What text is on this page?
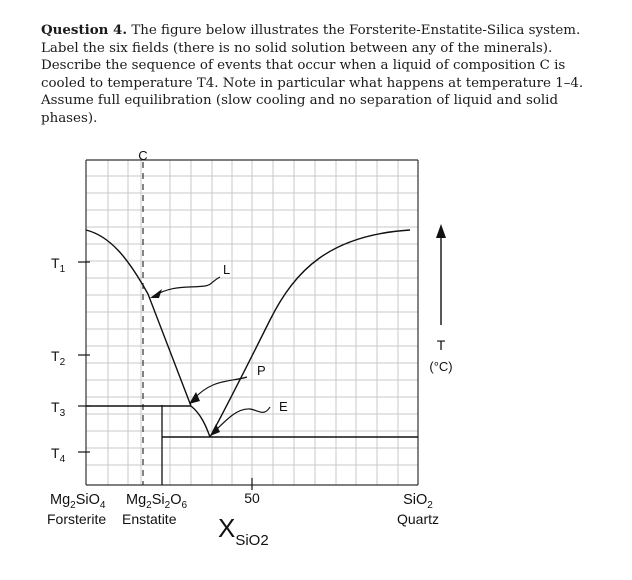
Question 4. The figure below illustrates the Forsterite-Enstatite-Silica system. Label the six fields (there is no solid solution between any of the minerals). Describe the sequence of events that occur when a liquid of composition C is cooled to temperature T4. Note in particular what happens at temperature 1–4. Assume full equilibration (slow cooling and no separation of liquid and solid phases).
C
L
P
E
$T_1$
$T_2$
$T_3$
$T_4$
50
$Mg_2SiO_4$ $Mg_2Si_2O_6$
Forsterite Enstatite $X_{SiO2}$
SiO$_2$
Quartz
T
(°C)
